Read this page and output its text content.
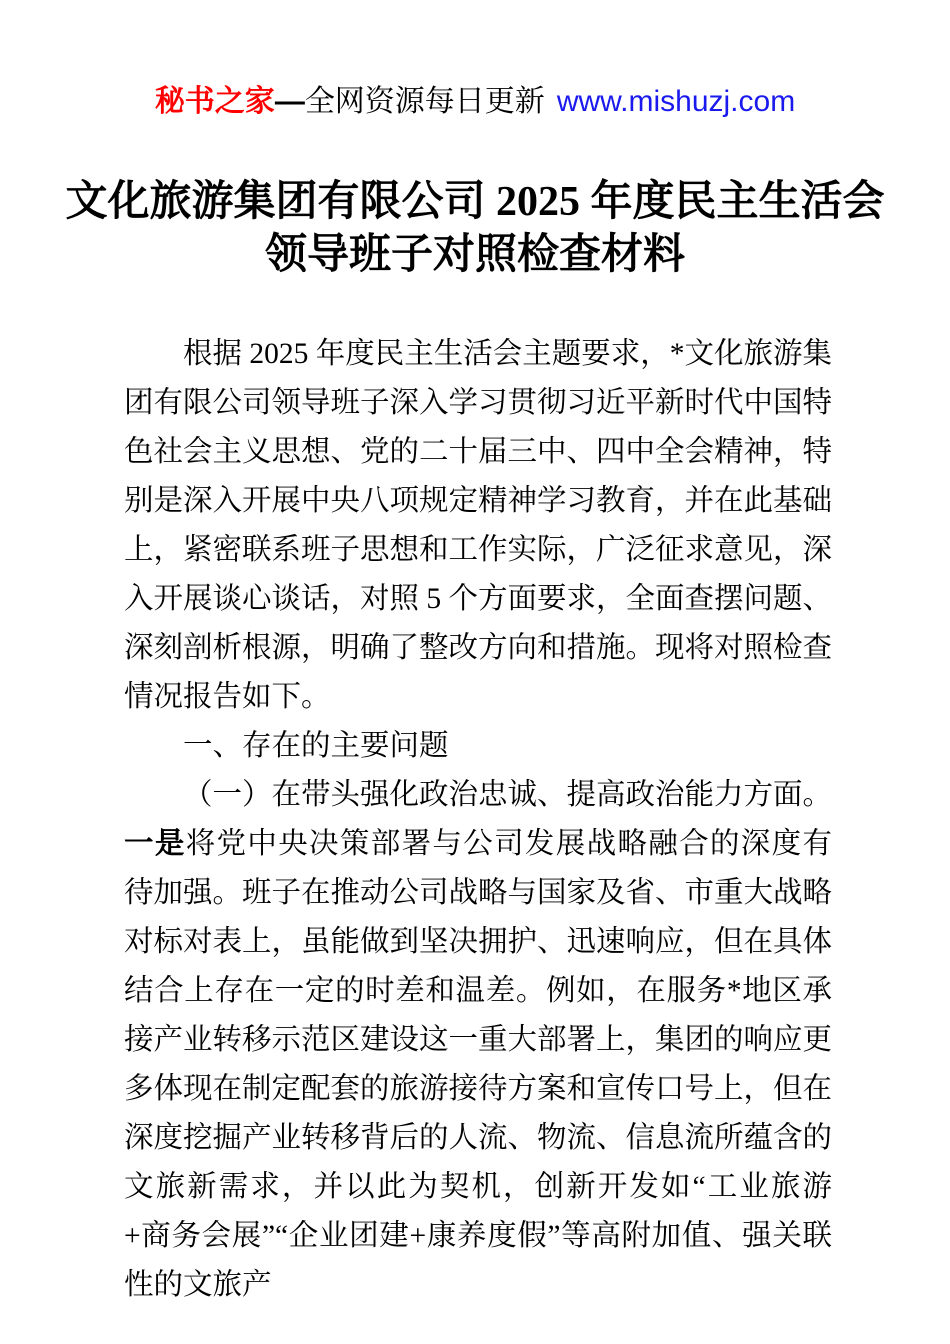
秘书之家—全网资源每日更新 www.mishuzj.com
文化旅游集团有限公司 2025 年度民主生活会
领导班子对照检查材料

根据 2025 年度民主生活会主题要求，*文化旅游集团有限公司领导班子深入学习贯彻习近平新时代中国特色社会主义思想、党的二十届三中、四中全会精神，特别是深入开展中央八项规定精神学习教育，并在此基础上，紧密联系班子思想和工作实际，广泛征求意见，深入开展谈心谈话，对照 5 个方面要求，全面查摆问题、深刻剖析根源，明确了整改方向和措施。现将对照检查情况报告如下。

一、存在的主要问题

（一）在带头强化政治忠诚、提高政治能力方面。一是将党中央决策部署与公司发展战略融合的深度有待加强。班子在推动公司战略与国家及省、市重大战略对标对表上，虽能做到坚决拥护、迅速响应，但在具体结合上存在一定的时差和温差。例如，在服务*地区承接产业转移示范区建设这一重大部署上，集团的响应更多体现在制定配套的旅游接待方案和宣传口号上，但在深度挖掘产业转移背后的人流、物流、信息流所蕴含的文旅新需求，并以此为契机，创新开发如“工业旅游+商务会展”“企业团建+康养度假”等高附加值、强关联性的文旅产
